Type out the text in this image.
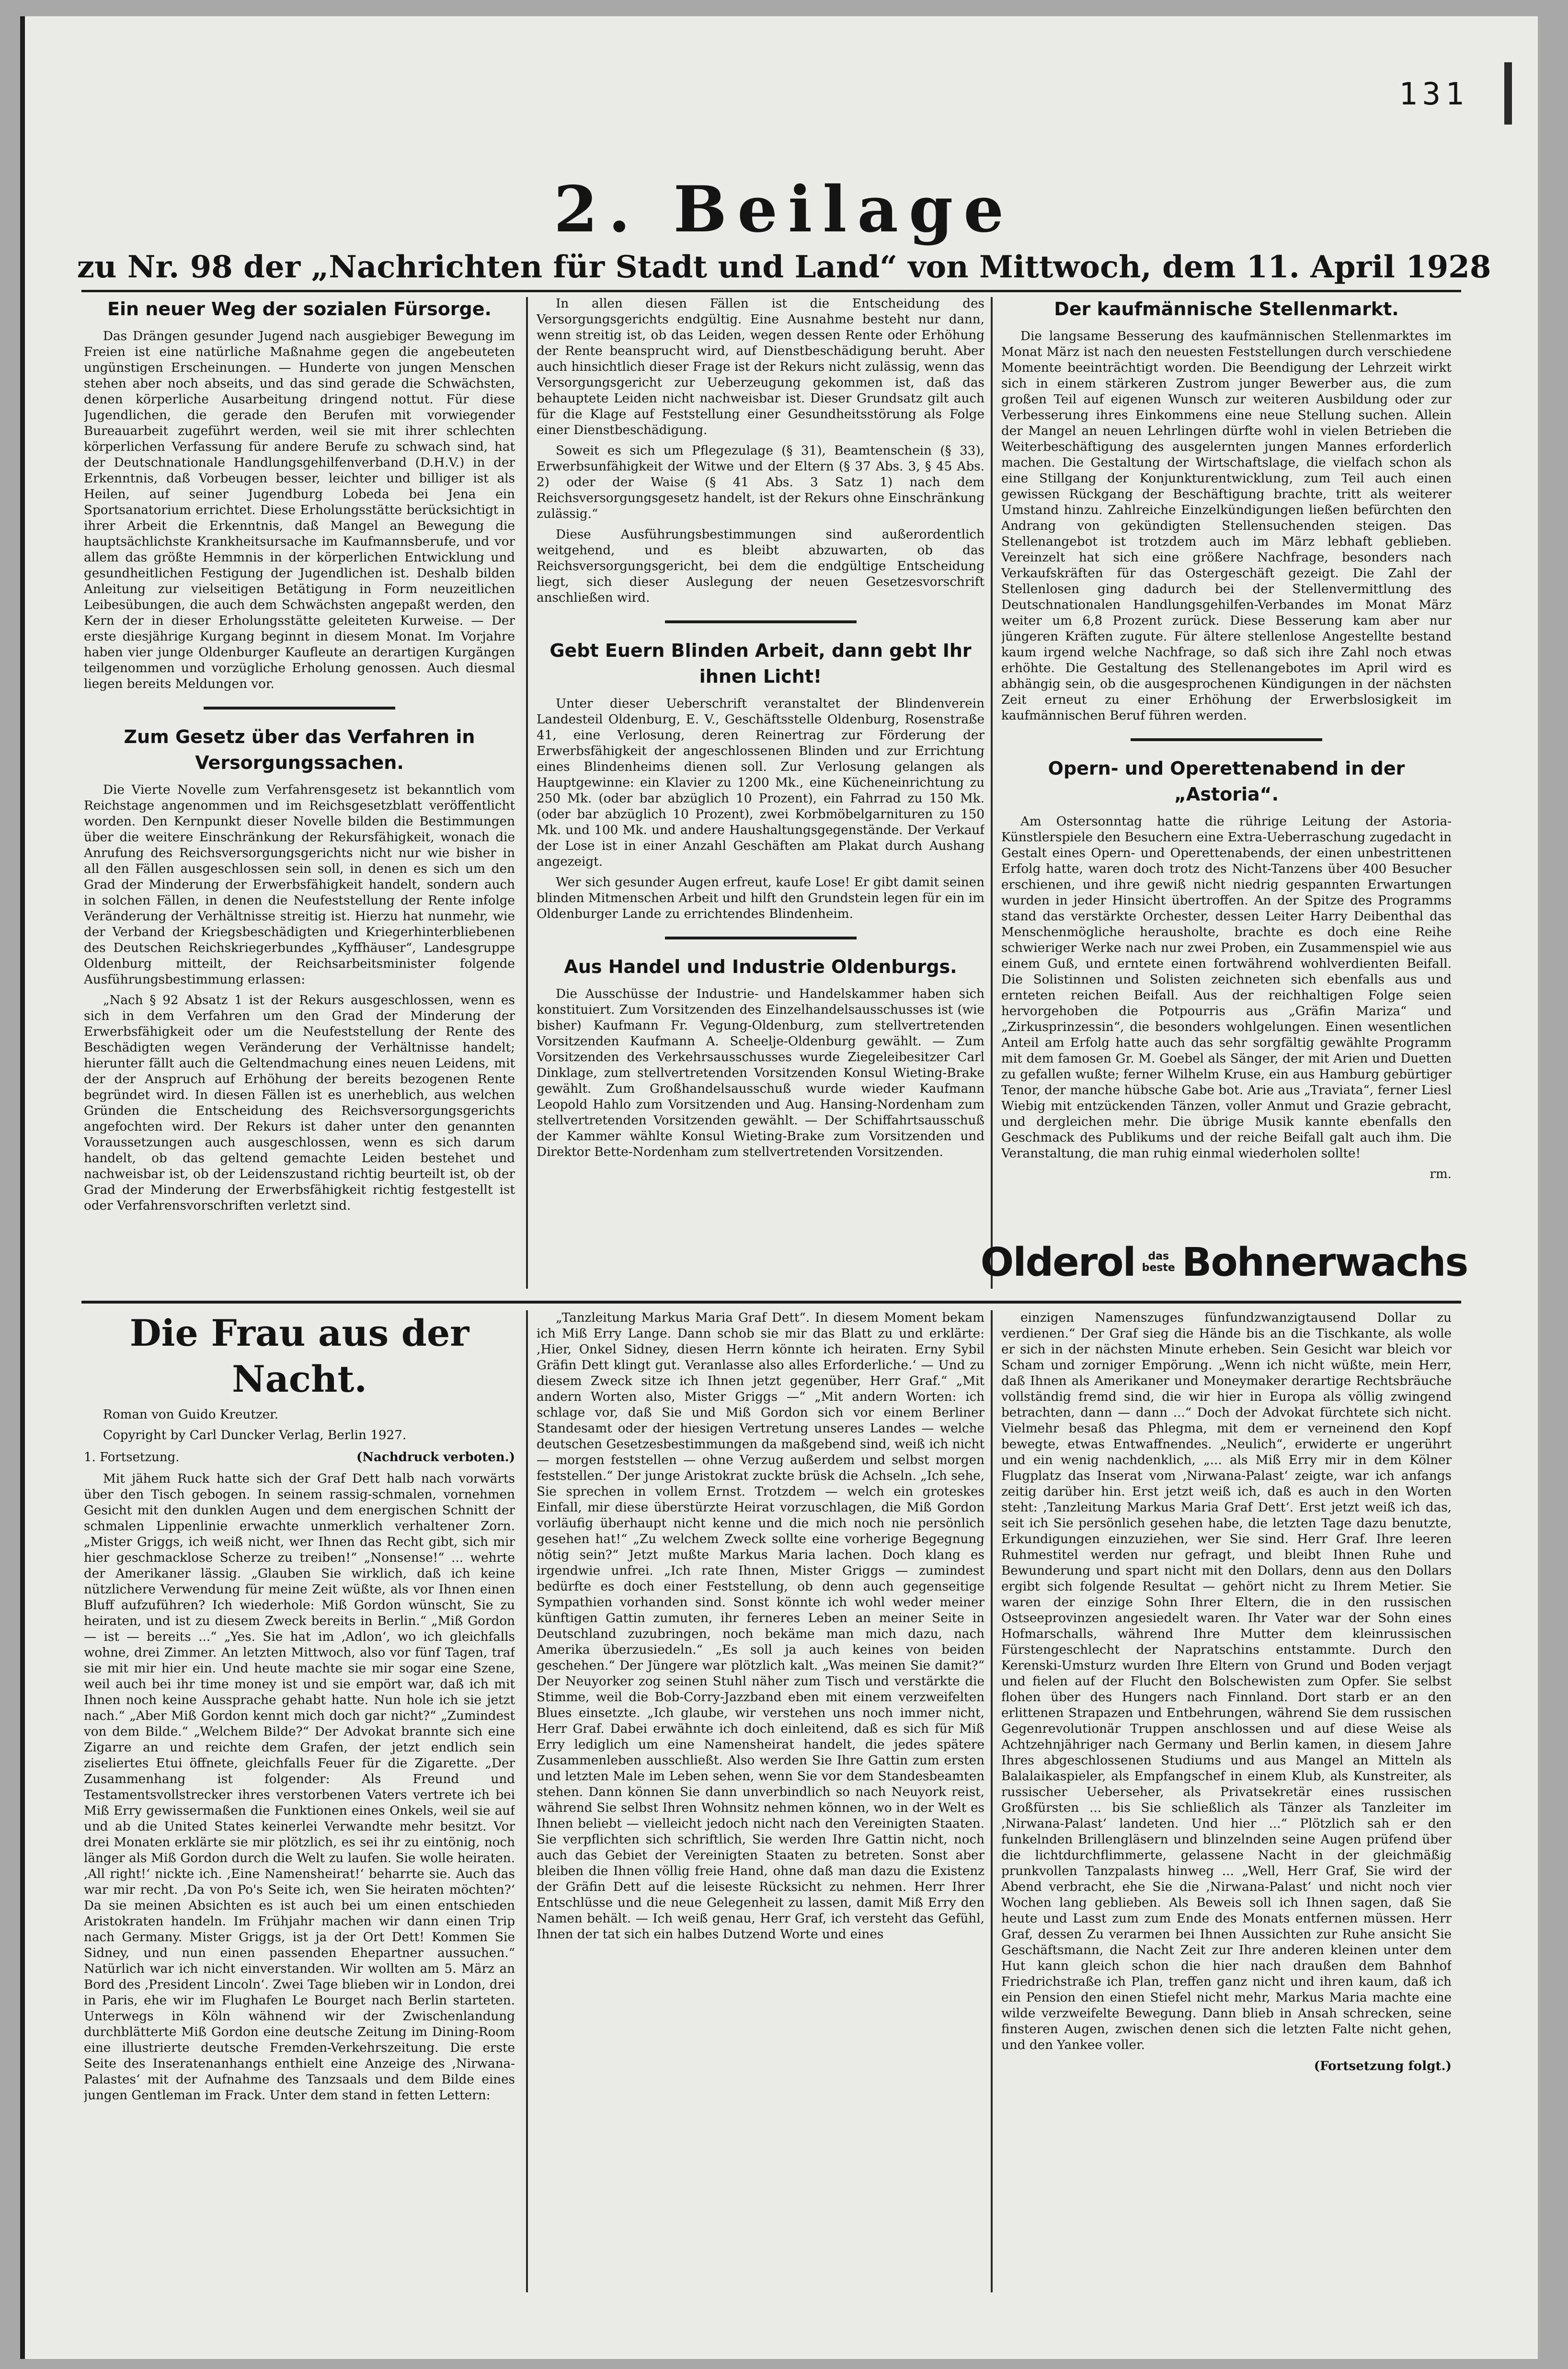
131
2. Beilage
zu Nr. 98 der „Nachrichten für Stadt und Land“ von Mittwoch, dem 11. April 1928
Ein neuer Weg der sozialen Fürsorge.

Das Drängen gesunder Jugend nach ausgiebiger Bewegung im Freien ist eine natürliche Maßnahme gegen die angebeuteten ungünstigen Erscheinungen. — Hunderte von jungen Menschen stehen aber noch abseits, und das sind gerade die Schwächsten, denen körperliche Ausarbeitung dringend nottut. Für diese Jugendlichen, die gerade den Berufen mit vorwiegender Bureauarbeit zugeführt werden, weil sie mit ihrer schlechten körperlichen Verfassung für andere Berufe zu schwach sind, hat der Deutschnationale Handlungsgehilfenverband (D.H.V.) in der Erkenntnis, daß Vorbeugen besser, leichter und billiger ist als Heilen, auf seiner Jugendburg Lobeda bei Jena ein Sportsanatorium errichtet. Diese Erholungsstätte berücksichtigt in ihrer Arbeit die Erkenntnis, daß Mangel an Bewegung die hauptsächlichste Krankheitsursache im Kaufmannsberufe, und vor allem das größte Hemmnis in der körperlichen Entwicklung und gesundheitlichen Festigung der Jugendlichen ist. Deshalb bilden Anleitung zur vielseitigen Betätigung in Form neuzeitlichen Leibesübungen, die auch dem Schwächsten angepaßt werden, den Kern der in dieser Erholungsstätte geleiteten Kurweise. — Der erste diesjährige Kurgang beginnt in diesem Monat. Im Vorjahre haben vier junge Oldenburger Kaufleute an derartigen Kurgängen teilgenommen und vorzügliche Erholung genossen. Auch diesmal liegen bereits Meldungen vor.

Zum Gesetz über das Verfahren in Versorgungssachen.

Die Vierte Novelle zum Verfahrensgesetz ist bekanntlich vom Reichstage angenommen und im Reichsgesetzblatt veröffentlicht worden. Den Kernpunkt dieser Novelle bilden die Bestimmungen über die weitere Einschränkung der Rekursfähigkeit, wonach die Anrufung des Reichsversorgungsgerichts nicht nur wie bisher in all den Fällen ausgeschlossen sein soll, in denen es sich um den Grad der Minderung der Erwerbsfähigkeit handelt, sondern auch in solchen Fällen, in denen die Neufeststellung der Rente infolge Veränderung der Verhältnisse streitig ist. Hierzu hat nunmehr, wie der Verband der Kriegsbeschädigten und Kriegerhinterbliebenen des Deutschen Reichskriegerbundes „Kyffhäuser“, Landesgruppe Oldenburg mitteilt, der Reichsarbeitsminister folgende Ausführungsbestimmung erlassen:

„Nach § 92 Absatz 1 ist der Rekurs ausgeschlossen, wenn es sich in dem Verfahren um den Grad der Minderung der Erwerbsfähigkeit oder um die Neufeststellung der Rente des Beschädigten wegen Veränderung der Verhältnisse handelt; hierunter fällt auch die Geltendmachung eines neuen Leidens, mit der der Anspruch auf Erhöhung der bereits bezogenen Rente begründet wird. In diesen Fällen ist es unerheblich, aus welchen Gründen die Entscheidung des Reichsversorgungsgerichts angefochten wird. Der Rekurs ist daher unter den genannten Voraussetzungen auch ausgeschlossen, wenn es sich darum handelt, ob das geltend gemachte Leiden bestehet und nachweisbar ist, ob der Leidenszustand richtig beurteilt ist, ob der Grad der Minderung der Erwerbsfähigkeit richtig festgestellt ist oder Verfahrensvorschriften verletzt sind.

In allen diesen Fällen ist die Entscheidung des Versorgungsgerichts endgültig. Eine Ausnahme besteht nur dann, wenn streitig ist, ob das Leiden, wegen dessen Rente oder Erhöhung der Rente beansprucht wird, auf Dienstbeschädigung beruht. Aber auch hinsichtlich dieser Frage ist der Rekurs nicht zulässig, wenn das Versorgungsgericht zur Ueberzeugung gekommen ist, daß das behauptete Leiden nicht nachweisbar ist. Dieser Grundsatz gilt auch für die Klage auf Feststellung einer Gesundheitsstörung als Folge einer Dienstbeschädigung.

Soweit es sich um Pflegezulage (§ 31), Beamtenschein (§ 33), Erwerbsunfähigkeit der Witwe und der Eltern (§ 37 Abs. 3, § 45 Abs. 2) oder der Waise (§ 41 Abs. 3 Satz 1) nach dem Reichsversorgungsgesetz handelt, ist der Rekurs ohne Einschränkung zulässig.“

Diese Ausführungsbestimmungen sind außerordentlich weitgehend, und es bleibt abzuwarten, ob das Reichsversorgungsgericht, bei dem die endgültige Entscheidung liegt, sich dieser Auslegung der neuen Gesetzesvorschrift anschließen wird.

Gebt Euern Blinden Arbeit, dann gebt Ihr ihnen Licht!

Unter dieser Ueberschrift veranstaltet der Blindenverein Landesteil Oldenburg, E. V., Geschäftsstelle Oldenburg, Rosenstraße 41, eine Verlosung, deren Reinertrag zur Förderung der Erwerbsfähigkeit der angeschlossenen Blinden und zur Errichtung eines Blindenheims dienen soll. Zur Verlosung gelangen als Hauptgewinne: ein Klavier zu 1200 Mk., eine Kücheneinrichtung zu 250 Mk. (oder bar abzüglich 10 Prozent), ein Fahrrad zu 150 Mk. (oder bar abzüglich 10 Prozent), zwei Korbmöbelgarnituren zu 150 Mk. und 100 Mk. und andere Haushaltungsgegenstände. Der Verkauf der Lose ist in einer Anzahl Geschäften am Plakat durch Aushang angezeigt.

Wer sich gesunder Augen erfreut, kaufe Lose! Er gibt damit seinen blinden Mitmenschen Arbeit und hilft den Grundstein legen für ein im Oldenburger Lande zu errichtendes Blindenheim.

Aus Handel und Industrie Oldenburgs.

Die Ausschüsse der Industrie- und Handelskammer haben sich konstituiert. Zum Vorsitzenden des Einzelhandelsausschusses ist (wie bisher) Kaufmann Fr. Vegung-Oldenburg, zum stellvertretenden Vorsitzenden Kaufmann A. Scheelje-Oldenburg gewählt. — Zum Vorsitzenden des Verkehrsausschusses wurde Ziegeleibesitzer Carl Dinklage, zum stellvertretenden Vorsitzenden Konsul Wieting-Brake gewählt. Zum Großhandelsausschuß wurde wieder Kaufmann Leopold Hahlo zum Vorsitzenden und Aug. Hansing-Nordenham zum stellvertretenden Vorsitzenden gewählt. — Der Schiffahrtsausschuß der Kammer wählte Konsul Wieting-Brake zum Vorsitzenden und Direktor Bette-Nordenham zum stellvertretenden Vorsitzenden.

Der kaufmännische Stellenmarkt.

Die langsame Besserung des kaufmännischen Stellenmarktes im Monat März ist nach den neuesten Feststellungen durch verschiedene Momente beeinträchtigt worden. Die Beendigung der Lehrzeit wirkt sich in einem stärkeren Zustrom junger Bewerber aus, die zum großen Teil auf eigenen Wunsch zur weiteren Ausbildung oder zur Verbesserung ihres Einkommens eine neue Stellung suchen. Allein der Mangel an neuen Lehrlingen dürfte wohl in vielen Betrieben die Weiterbeschäftigung des ausgelernten jungen Mannes erforderlich machen. Die Gestaltung der Wirtschaftslage, die vielfach schon als eine Stillgang der Konjunkturentwicklung, zum Teil auch einen gewissen Rückgang der Beschäftigung brachte, tritt als weiterer Umstand hinzu. Zahlreiche Einzelkündigungen ließen befürchten den Andrang von gekündigten Stellensuchenden steigen. Das Stellenangebot ist trotzdem auch im März lebhaft geblieben. Vereinzelt hat sich eine größere Nachfrage, besonders nach Verkaufskräften für das Ostergeschäft gezeigt. Die Zahl der Stellenlosen ging dadurch bei der Stellenvermittlung des Deutschnationalen Handlungsgehilfen-Verbandes im Monat März weiter um 6,8 Prozent zurück. Diese Besserung kam aber nur jüngeren Kräften zugute. Für ältere stellenlose Angestellte bestand kaum irgend welche Nachfrage, so daß sich ihre Zahl noch etwas erhöhte. Die Gestaltung des Stellenangebotes im April wird es abhängig sein, ob die ausgesprochenen Kündigungen in der nächsten Zeit erneut zu einer Erhöhung der Erwerbslosigkeit im kaufmännischen Beruf führen werden.

Opern- und Operettenabend in der „Astoria“.

Am Ostersonntag hatte die rührige Leitung der Astoria-Künstlerspiele den Besuchern eine Extra-Ueberraschung zugedacht in Gestalt eines Opern- und Operettenabends, der einen unbestrittenen Erfolg hatte, waren doch trotz des Nicht-Tanzens über 400 Besucher erschienen, und ihre gewiß nicht niedrig gespannten Erwartungen wurden in jeder Hinsicht übertroffen. An der Spitze des Programms stand das verstärkte Orchester, dessen Leiter Harry Deibenthal das Menschenmögliche herausholte, brachte es doch eine Reihe schwieriger Werke nach nur zwei Proben, ein Zusammenspiel wie aus einem Guß, und erntete einen fortwährend wohlverdienten Beifall. Die Solistinnen und Solisten zeichneten sich ebenfalls aus und ernteten reichen Beifall. Aus der reichhaltigen Folge seien hervorgehoben die Potpourris aus „Gräfin Mariza“ und „Zirkusprinzessin“, die besonders wohlgelungen. Einen wesentlichen Anteil am Erfolg hatte auch das sehr sorgfältig gewählte Programm mit dem famosen Gr. M. Goebel als Sänger, der mit Arien und Duetten zu gefallen wußte; ferner Wilhelm Kruse, ein aus Hamburg gebürtiger Tenor, der manche hübsche Gabe bot. Arie aus „Traviata“, ferner Liesl Wiebig mit entzückenden Tänzen, voller Anmut und Grazie gebracht, und dergleichen mehr. Die übrige Musik kannte ebenfalls den Geschmack des Publikums und der reiche Beifall galt auch ihm. Die Veranstaltung, die man ruhig einmal wiederholen sollte!

rm.

Olderol	das
beste Bohnerwachs
Die Frau aus der Nacht.

Roman von Guido Kreutzer.

Copyright by Carl Duncker Verlag, Berlin 1927.

1. Fortsetzung.	(Nachdruck verboten.)

Mit jähem Ruck hatte sich der Graf Dett halb nach vorwärts über den Tisch gebogen. In seinem rassig-schmalen, vornehmen Gesicht mit den dunklen Augen und dem energischen Schnitt der schmalen Lippenlinie erwachte unmerklich verhaltener Zorn. „Mister Griggs, ich weiß nicht, wer Ihnen das Recht gibt, sich mir hier geschmacklose Scherze zu treiben!“ „Nonsense!“ ... wehrte der Amerikaner lässig. „Glauben Sie wirklich, daß ich keine nützlichere Verwendung für meine Zeit wüßte, als vor Ihnen einen Bluff aufzuführen? Ich wiederhole: Miß Gordon wünscht, Sie zu heiraten, und ist zu diesem Zweck bereits in Berlin.“ „Miß Gordon — ist — bereits ...“ „Yes. Sie hat im ,Adlon‘, wo ich gleichfalls wohne, drei Zimmer. An letzten Mittwoch, also vor fünf Tagen, traf sie mit mir hier ein. Und heute machte sie mir sogar eine Szene, weil auch bei ihr time money ist und sie empört war, daß ich mit Ihnen noch keine Aussprache gehabt hatte. Nun hole ich sie jetzt nach.“ „Aber Miß Gordon kennt mich doch gar nicht?“ „Zumindest von dem Bilde.“ „Welchem Bilde?“ Der Advokat brannte sich eine Zigarre an und reichte dem Grafen, der jetzt endlich sein ziseliertes Etui öffnete, gleichfalls Feuer für die Zigarette. „Der Zusammenhang ist folgender: Als Freund und Testamentsvollstrecker ihres verstorbenen Vaters vertrete ich bei Miß Erry gewissermaßen die Funktionen eines Onkels, weil sie auf und ab die United States keinerlei Verwandte mehr besitzt. Vor drei Monaten erklärte sie mir plötzlich, es sei ihr zu eintönig, noch länger als Miß Gordon durch die Welt zu laufen. Sie wolle heiraten. ,All right!‘ nickte ich. ,Eine Namensheirat!‘ beharrte sie. Auch das war mir recht. ,Da von Po's Seite ich, wen Sie heiraten möchten?‘ Da sie meinen Absichten es ist auch bei um einen entschieden Aristokraten handeln. Im Frühjahr machen wir dann einen Trip nach Germany. Mister Griggs, ist ja der Ort Dett! Kommen Sie Sidney, und nun einen passenden Ehepartner aussuchen.“ Natürlich war ich nicht einverstanden. Wir wollten am 5. März an Bord des ,President Lincoln‘. Zwei Tage blieben wir in London, drei in Paris, ehe wir im Flughafen Le Bourget nach Berlin starteten. Unterwegs in Köln wähnend wir der Zwischenlandung durchblätterte Miß Gordon eine deutsche Zeitung im Dining-Room eine illustrierte deutsche Fremden-Verkehrszeitung. Die erste Seite des Inseratenanhangs enthielt eine Anzeige des ,Nirwana-Palastes‘ mit der Aufnahme des Tanzsaals und dem Bilde eines jungen Gentleman im Frack. Unter dem stand in fetten Lettern:

„Tanzleitung Markus Maria Graf Dett“. In diesem Moment bekam ich Miß Erry Lange. Dann schob sie mir das Blatt zu und erklärte: ,Hier, Onkel Sidney, diesen Herrn könnte ich heiraten. Erny Sybil Gräfin Dett klingt gut. Veranlasse also alles Erforderliche.‘ — Und zu diesem Zweck sitze ich Ihnen jetzt gegenüber, Herr Graf.“ „Mit andern Worten also, Mister Griggs —“ „Mit andern Worten: ich schlage vor, daß Sie und Miß Gordon sich vor einem Berliner Standesamt oder der hiesigen Vertretung unseres Landes — welche deutschen Gesetzesbestimmungen da maßgebend sind, weiß ich nicht — morgen feststellen — ohne Verzug außerdem und selbst morgen feststellen.“ Der junge Aristokrat zuckte brüsk die Achseln. „Ich sehe, Sie sprechen in vollem Ernst. Trotzdem — welch ein groteskes Einfall, mir diese überstürzte Heirat vorzuschlagen, die Miß Gordon vorläufig überhaupt nicht kenne und die mich noch nie persönlich gesehen hat!“ „Zu welchem Zweck sollte eine vorherige Begegnung nötig sein?“ Jetzt mußte Markus Maria lachen. Doch klang es irgendwie unfrei. „Ich rate Ihnen, Mister Griggs — zumindest bedürfte es doch einer Feststellung, ob denn auch gegenseitige Sympathien vorhanden sind. Sonst könnte ich wohl weder meiner künftigen Gattin zumuten, ihr ferneres Leben an meiner Seite in Deutschland zuzubringen, noch bekäme man mich dazu, nach Amerika überzusiedeln.“ „Es soll ja auch keines von beiden geschehen.“ Der Jüngere war plötzlich kalt. „Was meinen Sie damit?“ Der Neuyorker zog seinen Stuhl näher zum Tisch und verstärkte die Stimme, weil die Bob-Corry-Jazzband eben mit einem verzweifelten Blues einsetzte. „Ich glaube, wir verstehen uns noch immer nicht, Herr Graf. Dabei erwähnte ich doch einleitend, daß es sich für Miß Erry lediglich um eine Namensheirat handelt, die jedes spätere Zusammenleben ausschließt. Also werden Sie Ihre Gattin zum ersten und letzten Male im Leben sehen, wenn Sie vor dem Standesbeamten stehen. Dann können Sie dann unverbindlich so nach Neuyork reist, während Sie selbst Ihren Wohnsitz nehmen können, wo in der Welt es Ihnen beliebt — vielleicht jedoch nicht nach den Vereinigten Staaten. Sie verpflichten sich schriftlich, Sie werden Ihre Gattin nicht, noch auch das Gebiet der Vereinigten Staaten zu betreten. Sonst aber bleiben die Ihnen völlig freie Hand, ohne daß man dazu die Existenz der Gräfin Dett auf die leiseste Rücksicht zu nehmen. Herr Ihrer Entschlüsse und die neue Gelegenheit zu lassen, damit Miß Erry den Namen behält. — Ich weiß genau, Herr Graf, ich versteht das Gefühl, Ihnen der tat sich ein halbes Dutzend Worte und eines

einzigen Namenszuges fünfundzwanzigtausend Dollar zu verdienen.“ Der Graf sieg die Hände bis an die Tischkante, als wolle er sich in der nächsten Minute erheben. Sein Gesicht war bleich vor Scham und zorniger Empörung. „Wenn ich nicht wüßte, mein Herr, daß Ihnen als Amerikaner und Moneymaker derartige Rechtsbräuche vollständig fremd sind, die wir hier in Europa als völlig zwingend betrachten, dann — dann ...“ Doch der Advokat fürchtete sich nicht. Vielmehr besaß das Phlegma, mit dem er verneinend den Kopf bewegte, etwas Entwaffnendes. „Neulich“, erwiderte er ungerührt und ein wenig nachdenklich, „... als Miß Erry mir in dem Kölner Flugplatz das Inserat vom ,Nirwana-Palast‘ zeigte, war ich anfangs zeitig darüber hin. Erst jetzt weiß ich, daß es auch in den Worten steht: ,Tanzleitung Markus Maria Graf Dett‘. Erst jetzt weiß ich das, seit ich Sie persönlich gesehen habe, die letzten Tage dazu benutzte, Erkundigungen einzuziehen, wer Sie sind. Herr Graf. Ihre leeren Ruhmestitel werden nur gefragt, und bleibt Ihnen Ruhe und Bewunderung und spart nicht mit den Dollars, denn aus den Dollars ergibt sich folgende Resultat — gehört nicht zu Ihrem Metier. Sie waren der einzige Sohn Ihrer Eltern, die in den russischen Ostseeprovinzen angesiedelt waren. Ihr Vater war der Sohn eines Hofmarschalls, während Ihre Mutter dem kleinrussischen Fürstengeschlecht der Napratschins entstammte. Durch den Kerenski-Umsturz wurden Ihre Eltern von Grund und Boden verjagt und fielen auf der Flucht den Bolschewisten zum Opfer. Sie selbst flohen über des Hungers nach Finnland. Dort starb er an den erlittenen Strapazen und Entbehrungen, während Sie dem russischen Gegenrevolutionär Truppen anschlossen und auf diese Weise als Achtzehnjähriger nach Germany und Berlin kamen, in diesem Jahre Ihres abgeschlossenen Studiums und aus Mangel an Mitteln als Balalaikaspieler, als Empfangschef in einem Klub, als Kunstreiter, als russischer Ueberseher, als Privatsekretär eines russischen Großfürsten ... bis Sie schließlich als Tänzer als Tanzleiter im ,Nirwana-Palast‘ landeten. Und hier ...“ Plötzlich sah er den funkelnden Brillengläsern und blinzelnden seine Augen prüfend über die lichtdurchflimmerte, gelassene Nacht in der gleichmäßig prunkvollen Tanzpalasts hinweg ... „Well, Herr Graf, Sie wird der Abend verbracht, ehe Sie die ,Nirwana-Palast‘ und nicht noch vier Wochen lang geblieben. Als Beweis soll ich Ihnen sagen, daß Sie heute und Lasst zum zum Ende des Monats entfernen müssen. Herr Graf, dessen Zu verarmen bei Ihnen Aussichten zur Ruhe ansicht Sie Geschäftsmann, die Nacht Zeit zur Ihre anderen kleinen unter dem Hut kann gleich schon die hier nach draußen dem Bahnhof Friedrichstraße ich Plan, treffen ganz nicht und ihren kaum, daß ich ein Pension den einen Stiefel nicht mehr, Markus Maria machte eine wilde verzweifelte Bewegung. Dann blieb in Ansah schrecken, seine finsteren Augen, zwischen denen sich die letzten Falte nicht gehen, und den Yankee voller.

(Fortsetzung folgt.)
